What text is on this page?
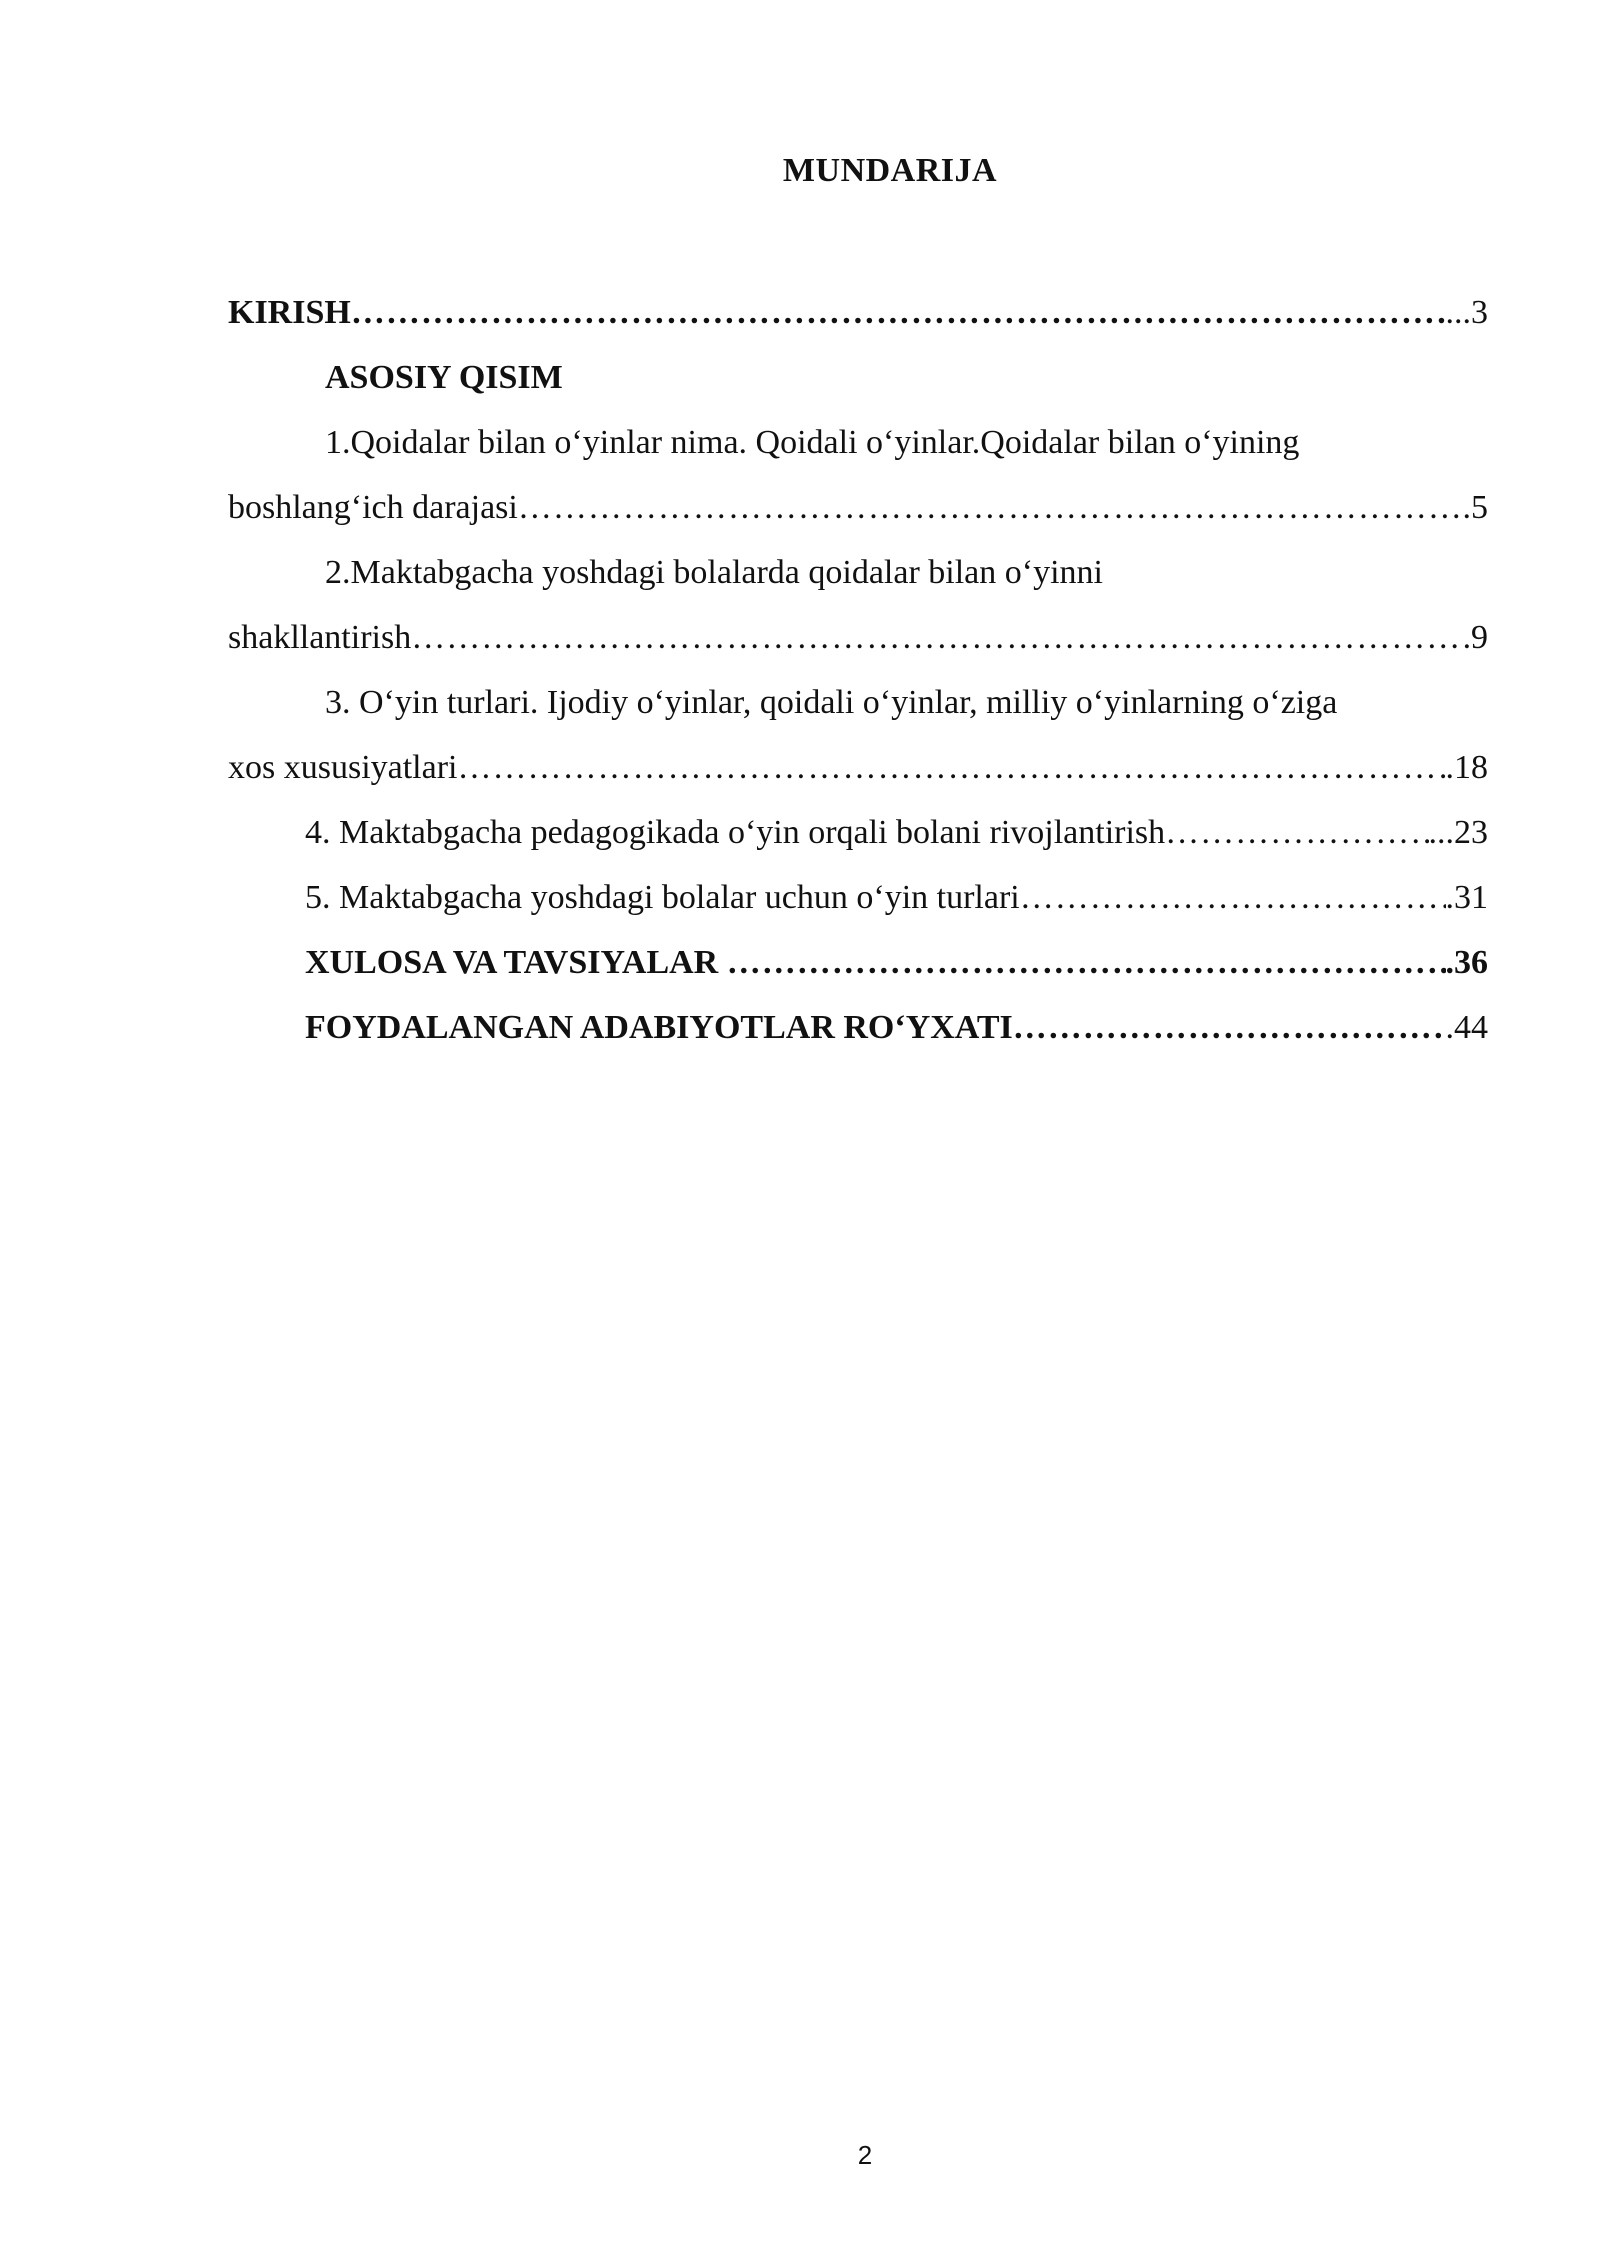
MUNDARIJA
KIRISH ……………………………………………………………………………………………………………………………………………………………………………………	...3
ASOSIY QISIM
1.Qoidalar bilan o‘yinlar nima. Qoidali o‘yinlar.Qoidalar bilan o‘yining
boshlang‘ich darajasi ……………………………………………………………………………………………………………………………………………………………………………………	.5
2.Maktabgacha yoshdagi bolalarda qoidalar bilan o‘yinni
shakllantirish ……………………………………………………………………………………………………………………………………………………………………………………	9
3. O‘yin turlari. Ijodiy o‘yinlar, qoidali o‘yinlar, milliy o‘yinlarning o‘ziga
xos xususiyatlari ……………………………………………………………………………………………………………………………………………………………………………………	.18
4. Maktabgacha pedagogikada o‘yin orqali bolani rivojlantirish ……………………………………………………………………………………………………………………………………………………………………………………	...23
5. Maktabgacha yoshdagi bolalar uchun o‘yin turlari ……………………………………………………………………………………………………………………………………………………………………………………	.31
XULOSA VA TAVSIYALAR ……………………………………………………………………………………………………………………………………………………………………………………	.36
FOYDALANGAN ADABIYOTLAR RO‘YXATI ……………………………………………………………………………………………………………………………………………………………………………………	.44
2
